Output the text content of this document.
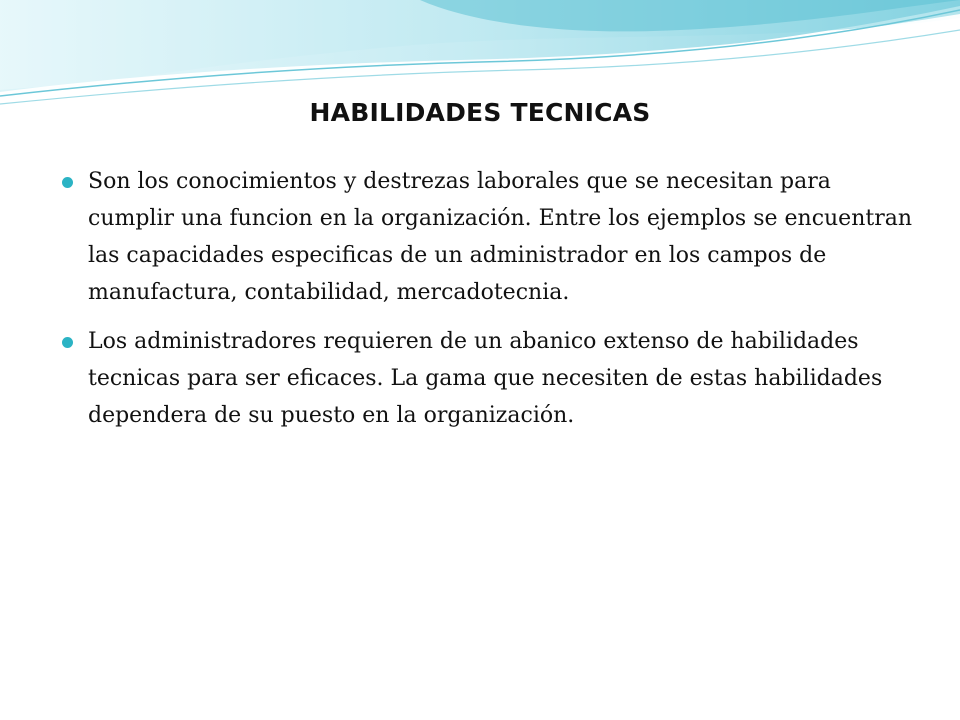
HABILIDADES TECNICAS
Son los conocimientos y destrezas laborales que se necesitan para cumplir una funcion en la organización. Entre los ejemplos se encuentran las capacidades especificas de un administrador en los campos de manufactura, contabilidad, mercadotecnia.
Los administradores requieren de un abanico extenso de habilidades tecnicas para ser eficaces. La gama que necesiten de estas habilidades dependera de su puesto en la organización.
